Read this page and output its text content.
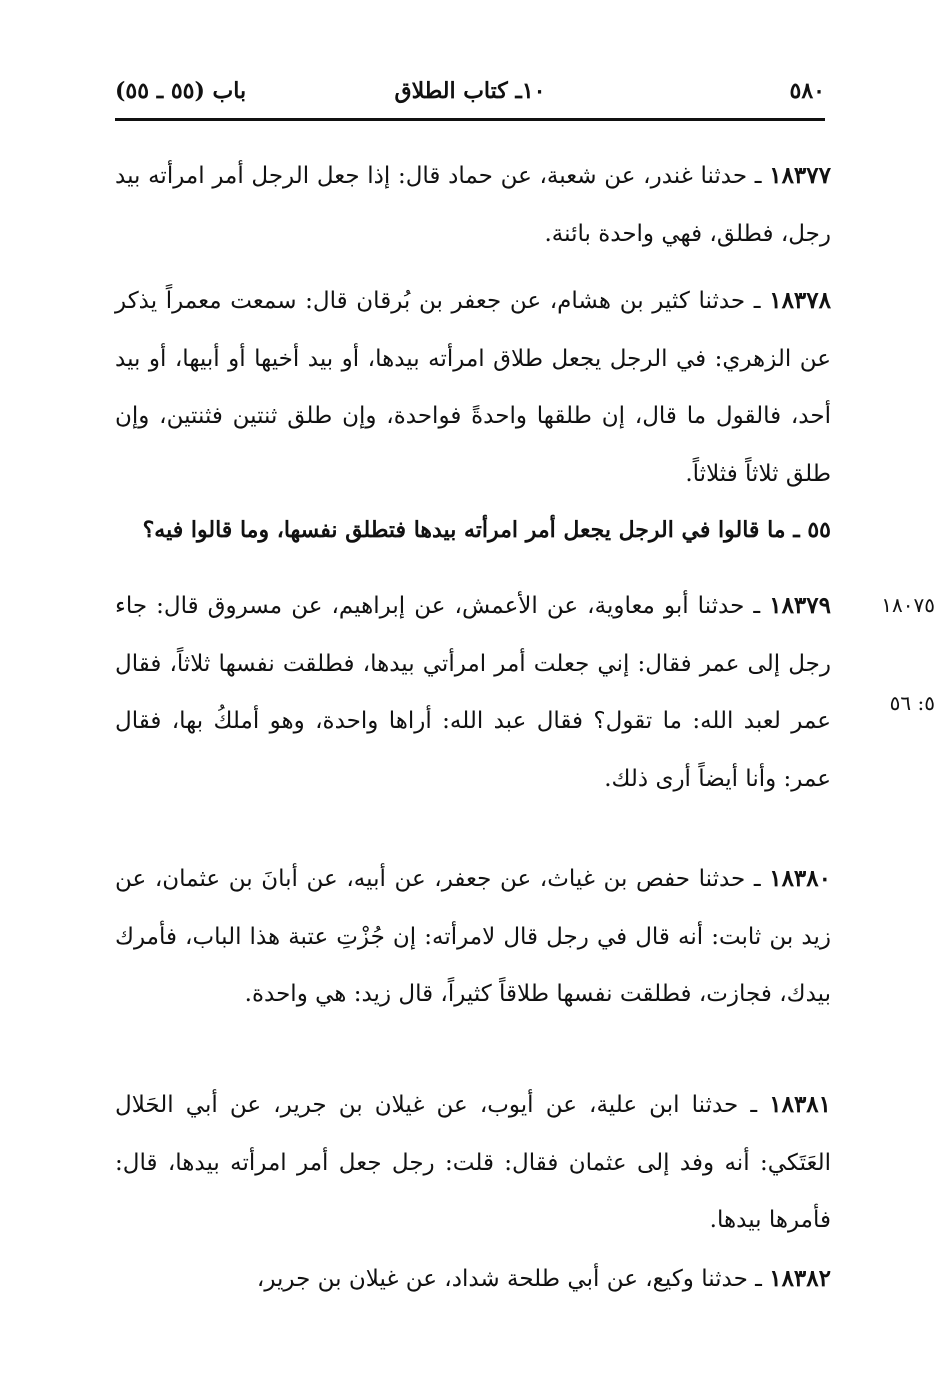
٥٨٠
١٠ـ كتاب الطلاق
باب (٥٥ ـ ٥٥)

١٨٣٧٧ ـ حدثنا غندر، عن شعبة، عن حماد قال: إذا جعل الرجل أمر امرأته بيد رجل، فطلق، فهي واحدة بائنة.

١٨٣٧٨ ـ حدثنا كثير بن هشام، عن جعفر بن بُرقان قال: سمعت معمراً يذكر عن الزهري: في الرجل يجعل طلاق امرأته بيدها، أو بيد أخيها أو أبيها، أو بيد أحد، فالقول ما قال، إن طلقها واحدةً فواحدة، وإن طلق ثنتين فثنتين، وإن طلق ثلاثاً فثلاثاً.

٥٥ ـ ما قالوا في الرجل يجعل أمر امرأته بيدها فتطلق نفسها، وما قالوا فيه؟

١٨٣٧٩ ـ حدثنا أبو معاوية، عن الأعمش، عن إبراهيم، عن مسروق قال: جاء رجل إلى عمر فقال: إني جعلت أمر امرأتي بيدها، فطلقت نفسها ثلاثاً، فقال عمر لعبد الله: ما تقول؟ فقال عبد الله: أراها واحدة، وهو أملكُ بها، فقال عمر: وأنا أيضاً أرى ذلك.

١٨٠٧٥
٥: ٥٦

١٨٣٨٠ ـ حدثنا حفص بن غياث، عن جعفر، عن أبيه، عن أبانَ بن عثمان، عن زيد بن ثابت: أنه قال في رجل قال لامرأته: إن جُزْتِ عتبة هذا الباب، فأمرك بيدك، فجازت، فطلقت نفسها طلاقاً كثيراً، قال زيد: هي واحدة.

١٨٣٨١ ـ حدثنا ابن علية، عن أيوب، عن غيلان بن جرير، عن أبي الحَلال العَتَكي: أنه وفد إلى عثمان فقال: قلت: رجل جعل أمر امرأته بيدها، قال: فأمرها بيدها.

١٨٣٨٢ ـ حدثنا وكيع، عن أبي طلحة شداد، عن غيلان بن جرير،
